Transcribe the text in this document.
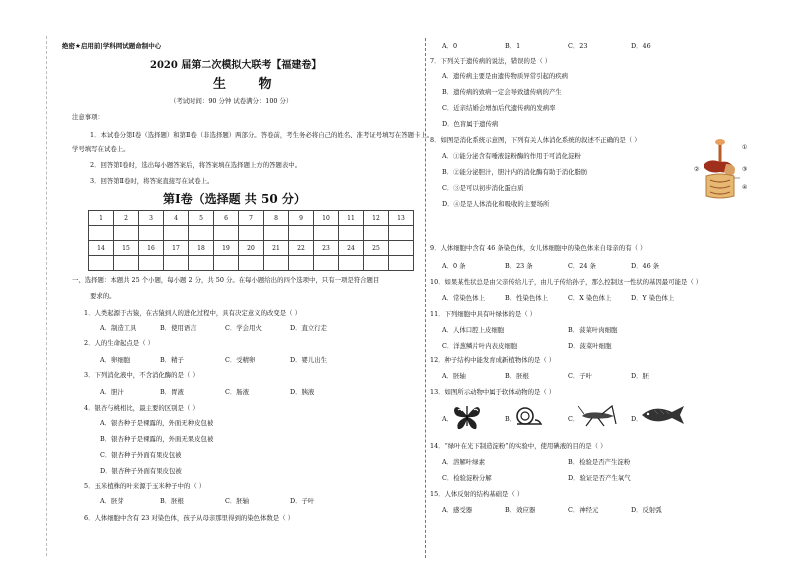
绝密★启用前|学科网试题命制中心
2020 届第二次模拟大联考【福建卷】
生 物
（考试时间：90 分钟 试卷满分：100 分）
注意事项：
1．本试卷分第Ⅰ卷（选择题）和第Ⅱ卷（非选择题）两部分。答卷前，考生务必将自己的姓名、准考证号填写在答题卡上。
学号填写在试卷上。
2．回答第Ⅰ卷时，选出每小题答案后，将答案填在选择题上方的答题表中。
3．回答第Ⅱ卷时，将答案直接写在试卷上。
第Ⅰ卷（选择题 共 50 分）
1	2	3	4	5	6	7	8	9	10	11	12	13

14	15	16	17	18	19	20	21	22	23	24	25	

一、选择题：本题共 25 个小题，每小题 2 分，共 50 分。在每小题给出的四个选项中，只有一项是符合题目
要求的。
1．人类起源于古猿，在古猿到人的进化过程中，具有决定意义的改变是（ ）
A．制造工具	B．使用语言	C．学会用火	D．直立行走
2．人的生命起点是（ ）
A．卵细胞	B．精子	C．受精卵	D．婴儿出生
3．下列消化液中，不含消化酶的是（ ）
A．胆汁	B．胃液	C．肠液	D．胰液
4．银杏与桃相比，最主要的区别是（ ）
A．银杏种子是裸露的，外面无种皮包被
B．银杏种子是裸露的，外面无果皮包被
C．银杏种子外面有果皮包被
D．银杏种子外面有果皮包被
5．玉米植株的叶来源于玉米种子中的（ ）
A．胚芽	B．胚根	C．胚轴	D．子叶
6．人体细胞中含有 23 对染色体，孩子从母亲那里得到的染色体数是（ ）
A．0	B．1	C．23	D．46
7．下列关于遗传病的说法，错误的是（ ）
A．遗传病主要是由遗传物质异常引起的疾病
B．遗传病的致病一定会导致遗传病的产生
C．近亲结婚会增加后代遗传病的发病率
D．色盲属于遗传病
8．如图是消化系统示意图，下列有关人体消化系统的叙述不正确的是（ ）
A．①能分泌含有唾液淀粉酶的作用于可消化淀粉
B．②能分泌胆汁，胆汁内的消化酶有助于消化脂肪
C．③是可以初步消化蛋白质
D．④是是人体消化和吸收的主要场所
①
②	③
④
9．人体细胞中含有 46 条染色体，女儿体细胞中的染色体来自母亲的有（ ）
A．0 条	B．23 条	C．24 条	D．46 条
10．如果某性状总是由父亲传给儿子，由儿子传给孙子，那么控制这一性状的基因最可能是（ ）
A．常染色体上	B．性染色体上	C．X 染色体上	D．Y 染色体上
11．下列细胞中具有叶绿体的是（ ）
A．人体口腔上皮细胞	B．菠菜叶肉细胞
C．洋葱鳞片叶内表皮细胞	D．菠菜叶细胞
12．种子结构中能发育成新植物体的是（ ）
A．胚轴	B．胚根	C．子叶	D．胚
13．如图所示动物中属于软体动物的是（ ）
A．	B．	C．	D．
14．“绿叶在光下制造淀粉”的实验中，使用碘液的目的是（ ）
A．溶解叶绿素	B．检验是否产生淀粉
C．检验淀粉分解	D．验证是否产生氧气
15．人体反射的结构基础是（ ）
A．感受器	B．效应器	C．神经元	D．反射弧
